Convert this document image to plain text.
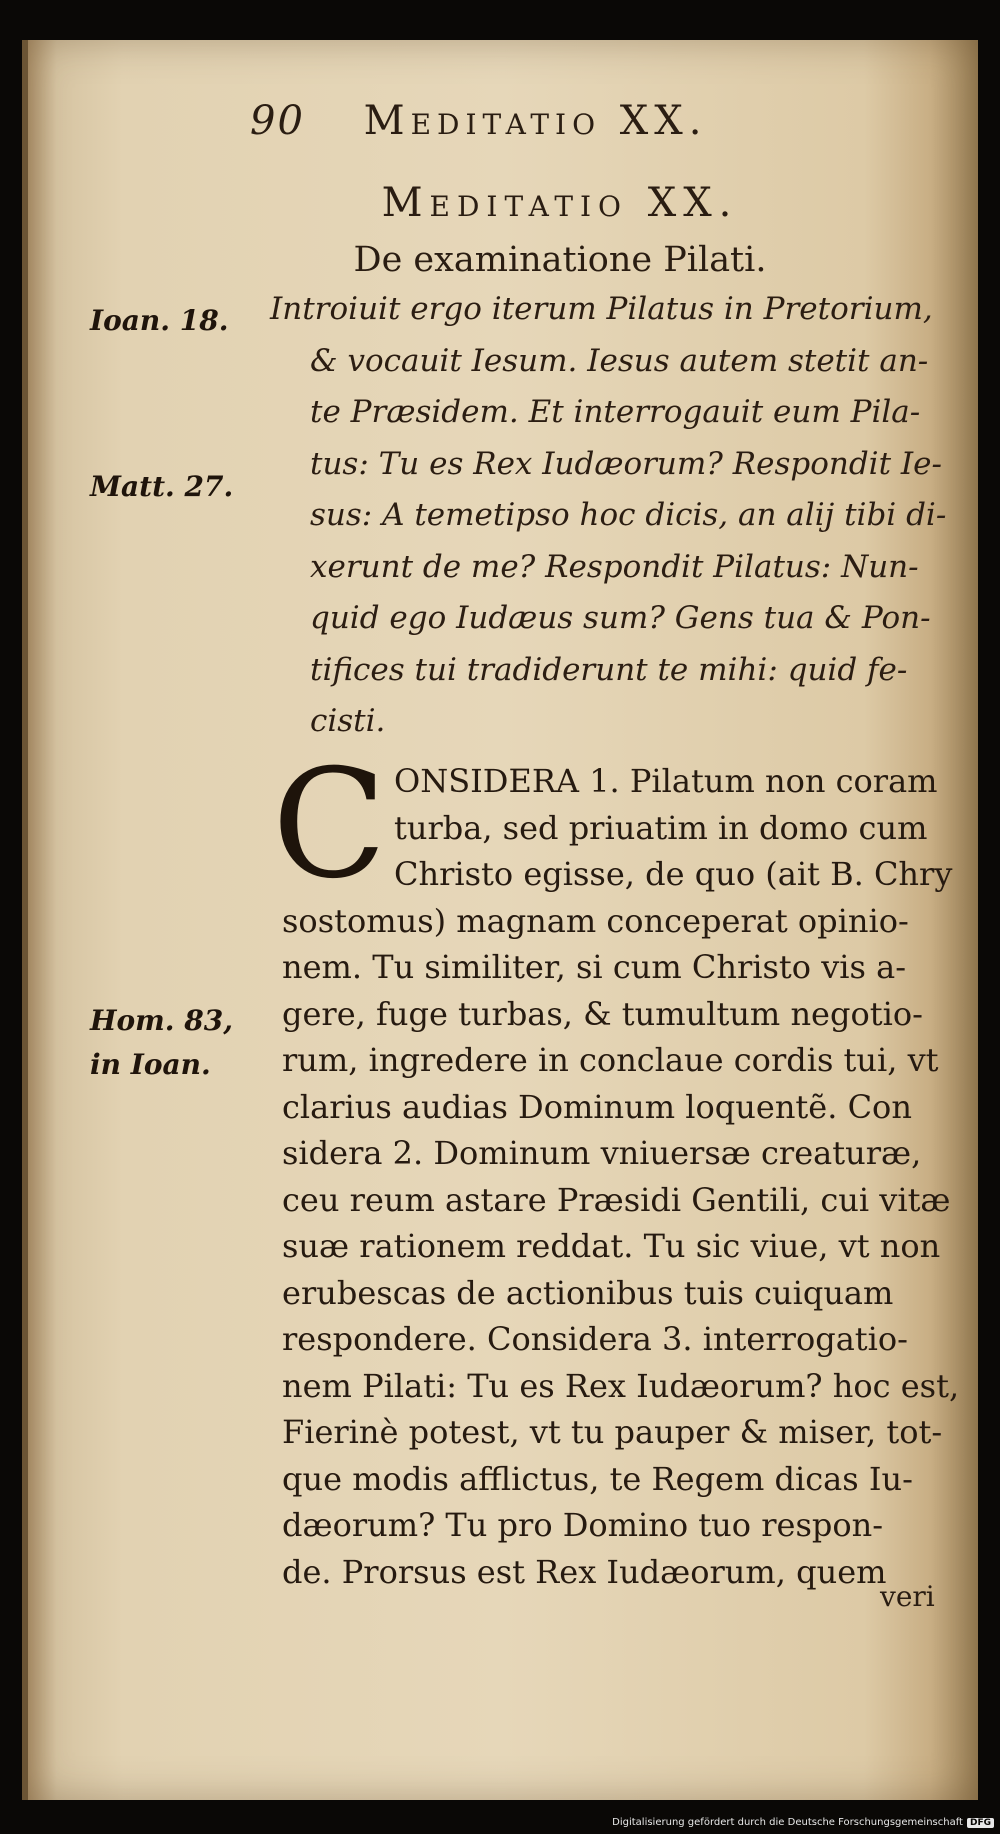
90 Meditatio XX.
Meditatio XX.
De examinatione Pilati.
Ioan. 18.
Matt. 27.
Hom. 83,
in Ioan.
Introiuit ergo iterum Pilatus in Pretorium,
& vocauit Iesum. Iesus autem stetit an-
te Præsidem. Et interrogauit eum Pila-
tus: Tu es Rex Iudæorum? Respondit Ie-
sus: A temetipso hoc dicis, an alij tibi di-
xerunt de me? Respondit Pilatus: Nun-
quid ego Iudæus sum? Gens tua & Pon-
tifices tui tradiderunt te mihi: quid fe-
cisti.
C ONSIDERA 1. Pilatum non coram
turba, sed priuatim in domo cum
Christo egisse, de quo (ait B. Chry
sostomus) magnam conceperat opinio-
nem. Tu similiter, si cum Christo vis a-
gere, fuge turbas, & tumultum negotio-
rum, ingredere in conclaue cordis tui, vt
clarius audias Dominum loquentẽ. Con
sidera 2. Dominum vniuersæ creaturæ,
ceu reum astare Præsidi Gentili, cui vitæ
suæ rationem reddat. Tu sic viue, vt non
erubescas de actionibus tuis cuiquam
respondere. Considera 3. interrogatio-
nem Pilati: Tu es Rex Iudæorum? hoc est,
Fierinè potest, vt tu pauper & miser, tot-
que modis afflictus, te Regem dicas Iu-
dæorum? Tu pro Domino tuo respon-
de. Prorsus est Rex Iudæorum, quem
veri
Digitalisierung gefördert durch die Deutsche Forschungsgemeinschaft DFG
